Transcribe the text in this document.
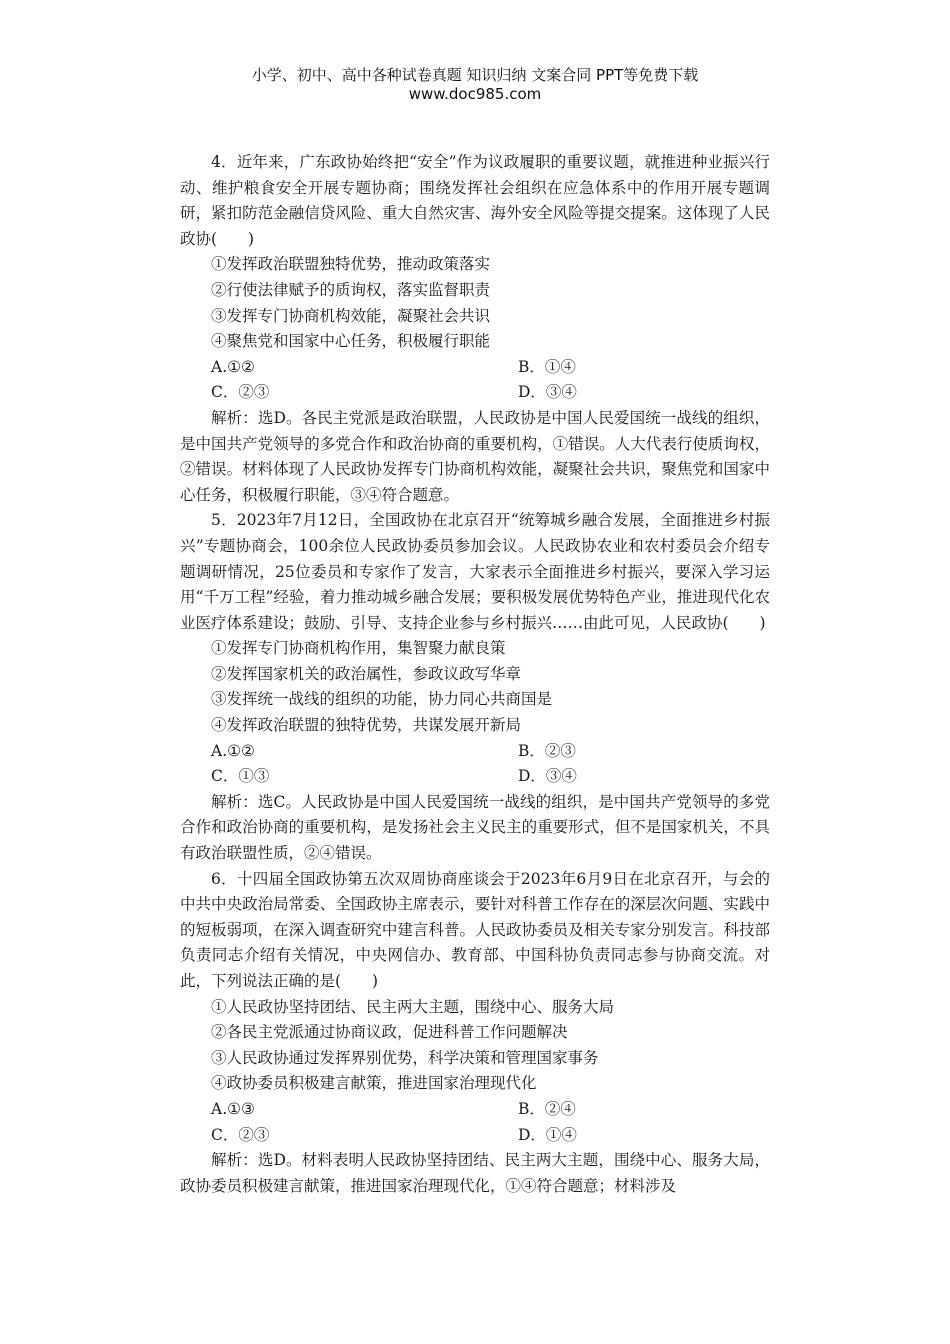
小学、初中、高中各种试卷真题 知识归纳 文案合同 PPT等免费下载
www.doc985.com

4．近年来，广东政协始终把“安全”作为议政履职的重要议题，就推进种业振兴行动、维护粮食安全开展专题协商；围绕发挥社会组织在应急体系中的作用开展专题调研，紧扣防范金融信贷风险、重大自然灾害、海外安全风险等提交提案。这体现了人民政协(　　)

①发挥政治联盟独特优势，推动政策落实

②行使法律赋予的质询权，落实监督职责

③发挥专门协商机构效能，凝聚社会共识

④聚焦党和国家中心任务，积极履行职能

A.①②	B．①④
C．②③	D．③④

解析：选D。各民主党派是政治联盟，人民政协是中国人民爱国统一战线的组织，是中国共产党领导的多党合作和政治协商的重要机构，①错误。人大代表行使质询权，②错误。材料体现了人民政协发挥专门协商机构效能，凝聚社会共识，聚焦党和国家中心任务，积极履行职能，③④符合题意。

5．2023年7月12日，全国政协在北京召开“统筹城乡融合发展，全面推进乡村振兴”专题协商会，100余位人民政协委员参加会议。人民政协农业和农村委员会介绍专题调研情况，25位委员和专家作了发言，大家表示全面推进乡村振兴，要深入学习运用“千万工程”经验，着力推动城乡融合发展；要积极发展优势特色产业，推进现代化农业医疗体系建设；鼓励、引导、支持企业参与乡村振兴……由此可见，人民政协(　　)

①发挥专门协商机构作用，集智聚力献良策

②发挥国家机关的政治属性，参政议政写华章

③发挥统一战线的组织的功能，协力同心共商国是

④发挥政治联盟的独特优势，共谋发展开新局

A.①②	B．②③
C．①③	D．③④

解析：选C。人民政协是中国人民爱国统一战线的组织，是中国共产党领导的多党合作和政治协商的重要机构，是发扬社会主义民主的重要形式，但不是国家机关，不具有政治联盟性质，②④错误。

6．十四届全国政协第五次双周协商座谈会于2023年6月9日在北京召开，与会的中共中央政治局常委、全国政协主席表示，要针对科普工作存在的深层次问题、实践中的短板弱项，在深入调查研究中建言科普。人民政协委员及相关专家分别发言。科技部负责同志介绍有关情况，中央网信办、教育部、中国科协负责同志参与协商交流。对此，下列说法正确的是(　　)

①人民政协坚持团结、民主两大主题，围绕中心、服务大局

②各民主党派通过协商议政，促进科普工作问题解决

③人民政协通过发挥界别优势，科学决策和管理国家事务

④政协委员积极建言献策，推进国家治理现代化

A.①③	B．②④
C．②③	D．①④

解析：选D。材料表明人民政协坚持团结、民主两大主题，围绕中心、服务大局，政协委员积极建言献策，推进国家治理现代化，①④符合题意；材料涉及
